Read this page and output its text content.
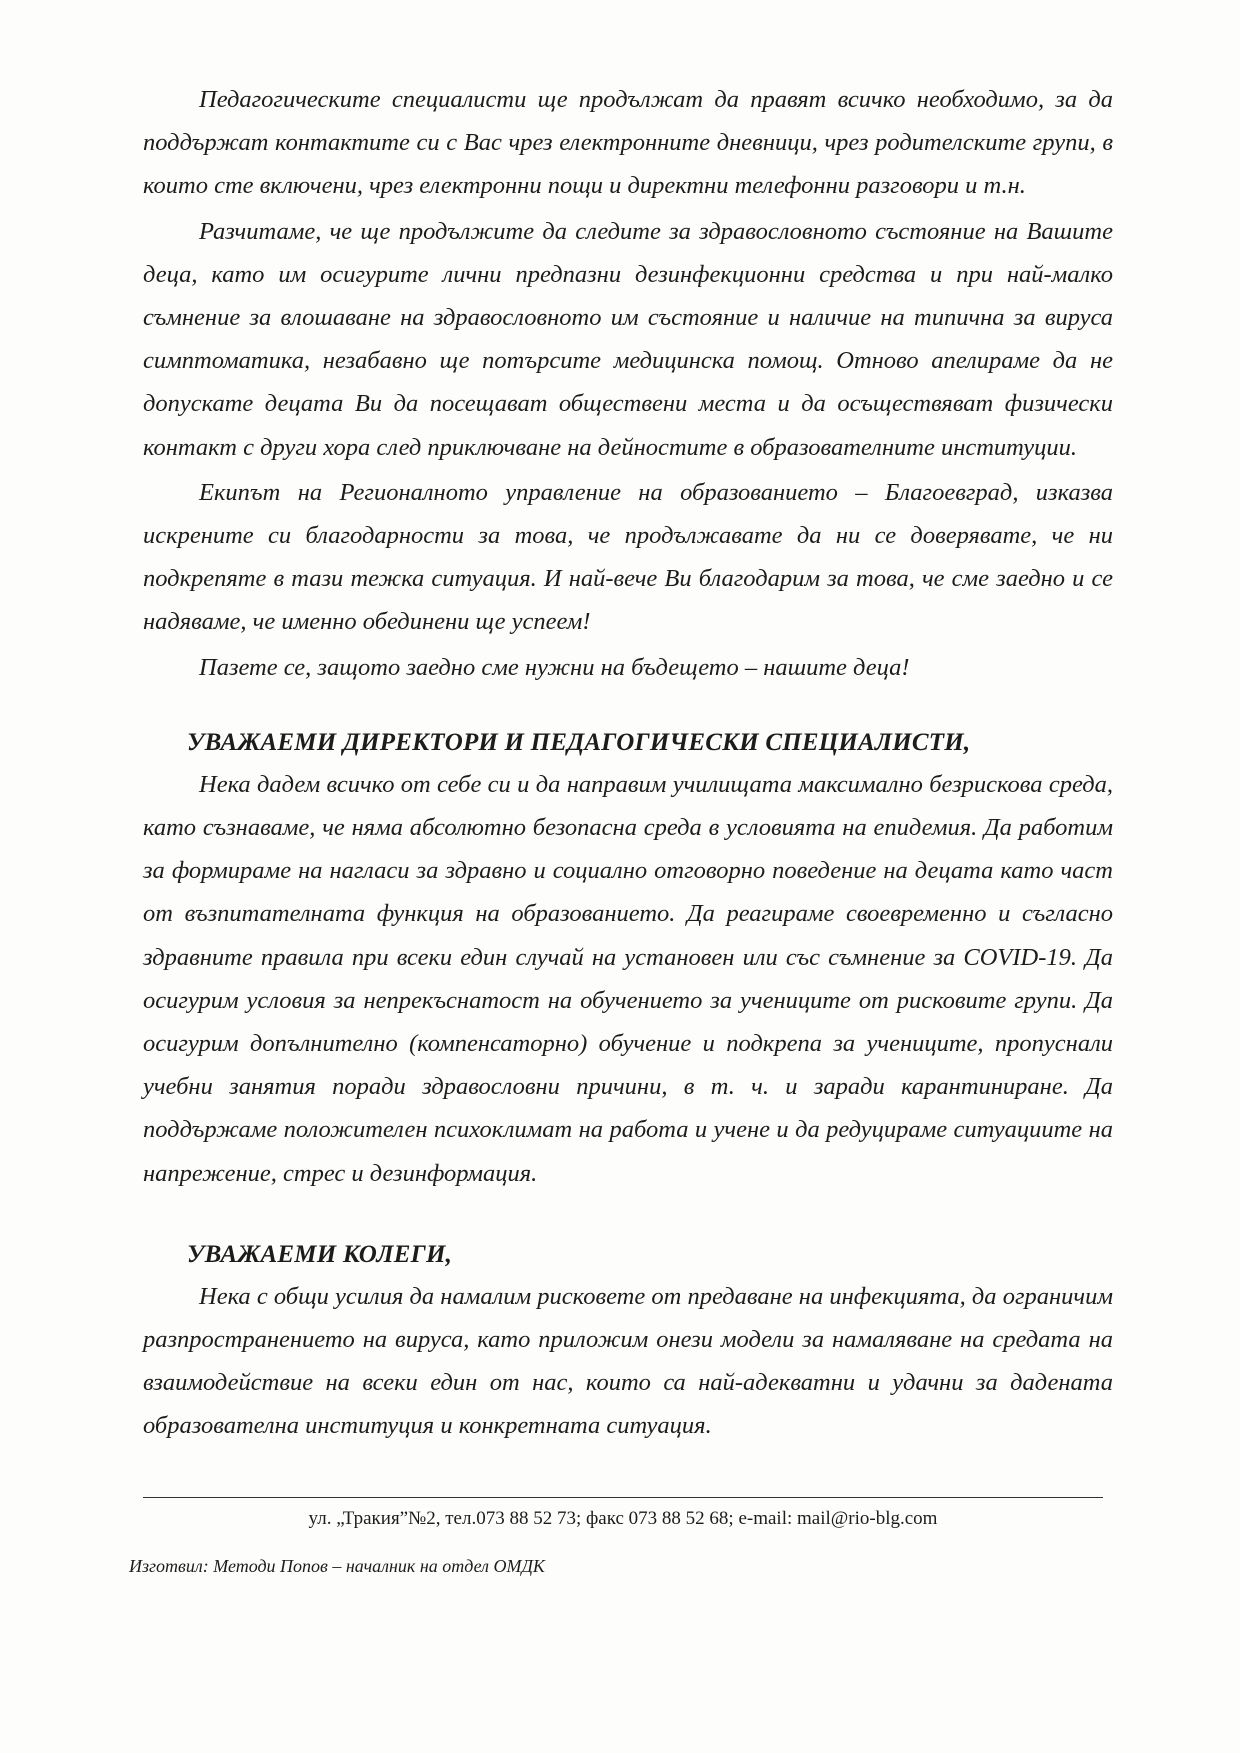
Педагогическите специалисти ще продължат да правят всичко необходимо, за да поддържат контактите си с Вас чрез електронните дневници, чрез родителските групи, в които сте включени, чрез електронни пощи и директни телефонни разговори и т.н.

Разчитаме, че ще продължите да следите за здравословното състояние на Вашите деца, като им осигурите лични предпазни дезинфекционни средства и при най-малко съмнение за влошаване на здравословното им състояние и наличие на типична за вируса симптоматика, незабавно ще потърсите медицинска помощ. Отново апелираме да не допускате децата Ви да посещават обществени места и да осъществяват физически контакт с други хора след приключване на дейностите в образователните институции.

Екипът на Регионалното управление на образованието – Благоевград, изказва искрените си благодарности за това, че продължавате да ни се доверявате, че ни подкрепяте в тази тежка ситуация. И най-вече Ви благодарим за това, че сме заедно и се надяваме, че именно обединени ще успеем!

Пазете се, защото заедно сме нужни на бъдещето – нашите деца!

УВАЖАЕМИ ДИРЕКТОРИ И ПЕДАГОГИЧЕСКИ СПЕЦИАЛИСТИ,

Нека дадем всичко от себе си и да направим училищата максимално безрискова среда, като съзнаваме, че няма абсолютно безопасна среда в условията на епидемия. Да работим за формираме на нагласи за здравно и социално отговорно поведение на децата като част от възпитателната функция на образованието. Да реагираме своевременно и съгласно здравните правила при всеки един случай на установен или със съмнение за COVID-19. Да осигурим условия за непрекъснатост на обучението за учениците от рисковите групи. Да осигурим допълнително (компенсаторно) обучение и подкрепа за учениците, пропуснали учебни занятия поради здравословни причини, в т. ч. и заради карантиниране. Да поддържаме положителен психоклимат на работа и учене и да редуцираме ситуациите на напрежение, стрес и дезинформация.

УВАЖАЕМИ КОЛЕГИ,

Нека с общи усилия да намалим рисковете от предаване на инфекцията, да ограничим разпространението на вируса, като приложим онези модели за намаляване на средата на взаимодействие на всеки един от нас, които са най-адекватни и удачни за дадената образователна институция и конкретната ситуация.

ул. „Тракия”№2, тел.073 88 52 73; факс 073 88 52 68; e-mail: mail@rio-blg.com
Изготвил: Методи Попов – началник на отдел ОМДК
